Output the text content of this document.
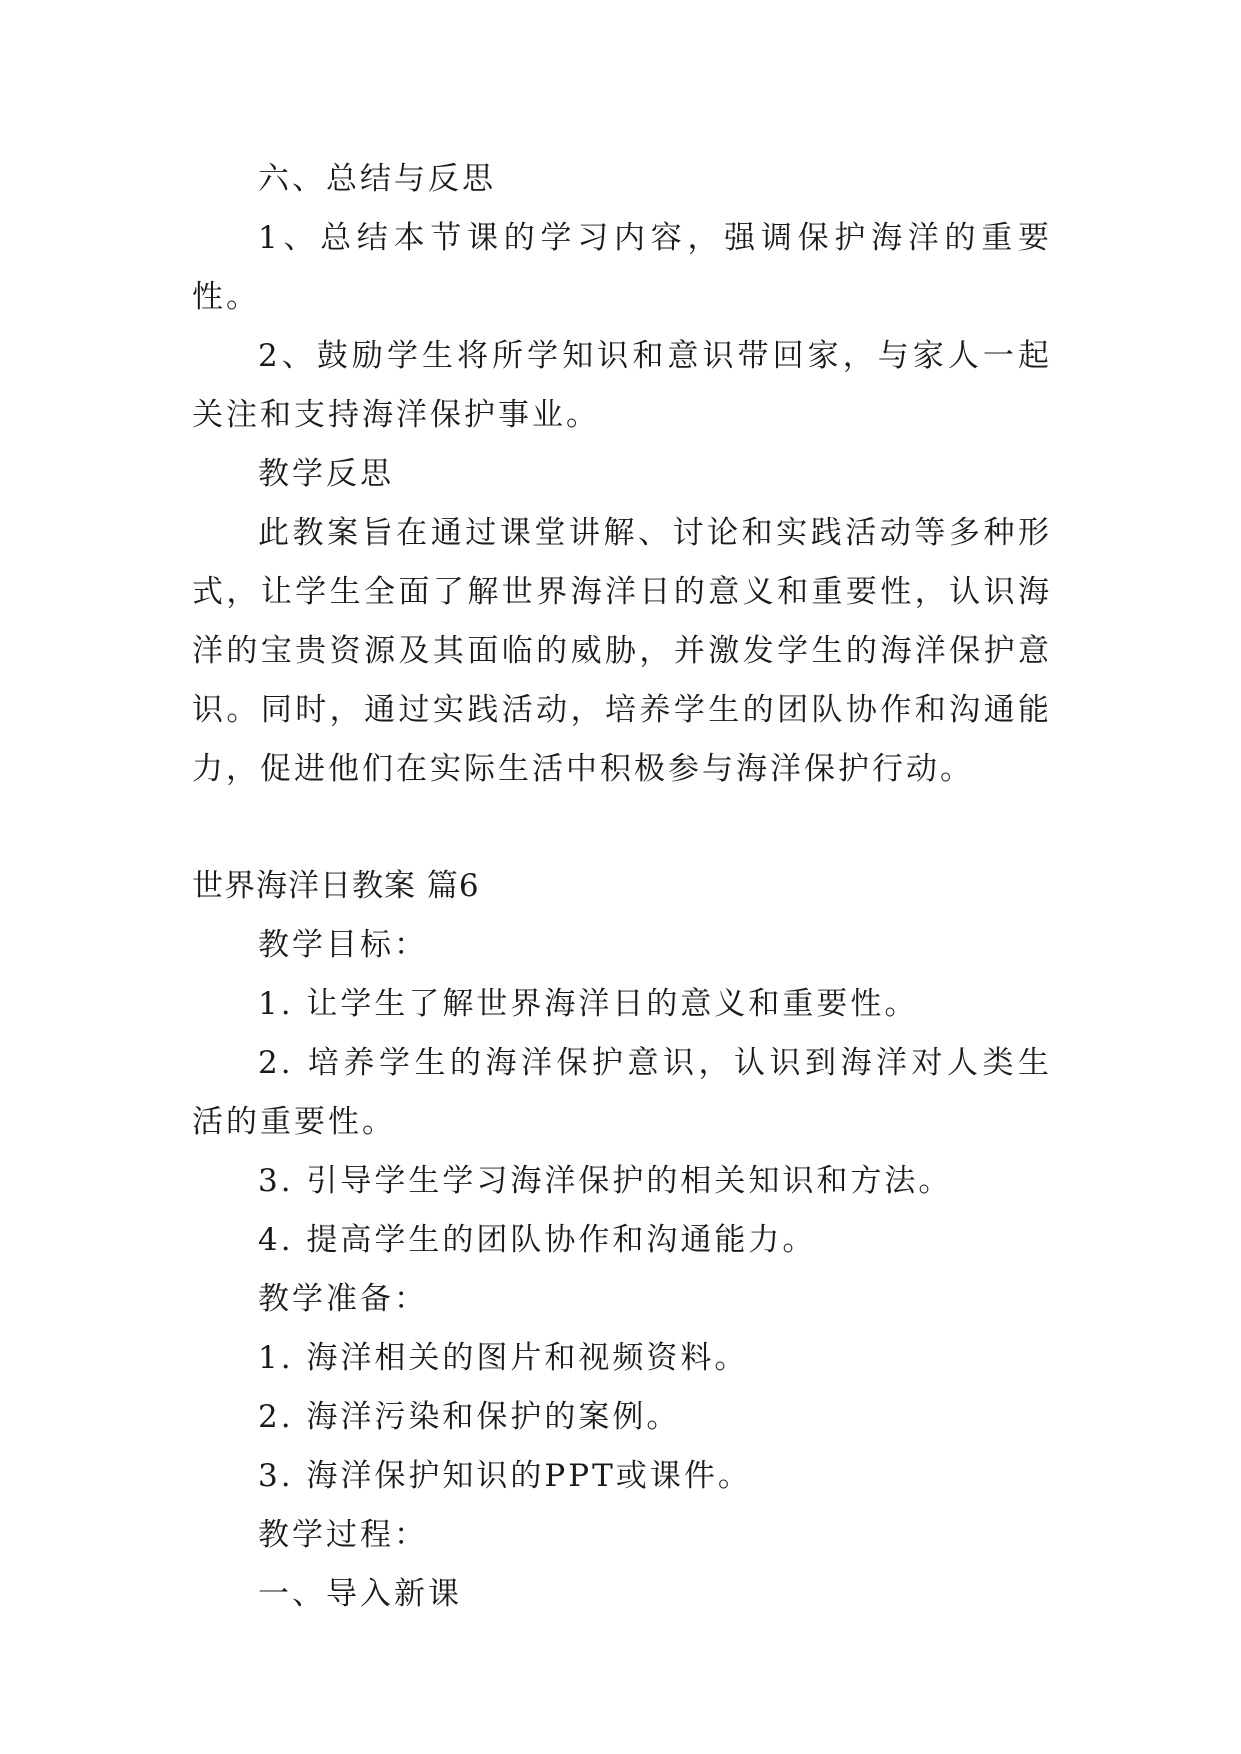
六、总结与反思

1、总结本节课的学习内容，强调保护海洋的重要性。

2、鼓励学生将所学知识和意识带回家，与家人一起关注和支持海洋保护事业。

教学反思

此教案旨在通过课堂讲解、讨论和实践活动等多种形式，让学生全面了解世界海洋日的意义和重要性，认识海洋的宝贵资源及其面临的威胁，并激发学生的海洋保护意识。同时，通过实践活动，培养学生的团队协作和沟通能力，促进他们在实际生活中积极参与海洋保护行动。

世界海洋日教案 篇6

教学目标：

1. 让学生了解世界海洋日的意义和重要性。

2. 培养学生的海洋保护意识，认识到海洋对人类生活的重要性。

3. 引导学生学习海洋保护的相关知识和方法。

4. 提高学生的团队协作和沟通能力。

教学准备：

1. 海洋相关的图片和视频资料。

2. 海洋污染和保护的案例。

3. 海洋保护知识的PPT或课件。

教学过程：

一、导入新课
